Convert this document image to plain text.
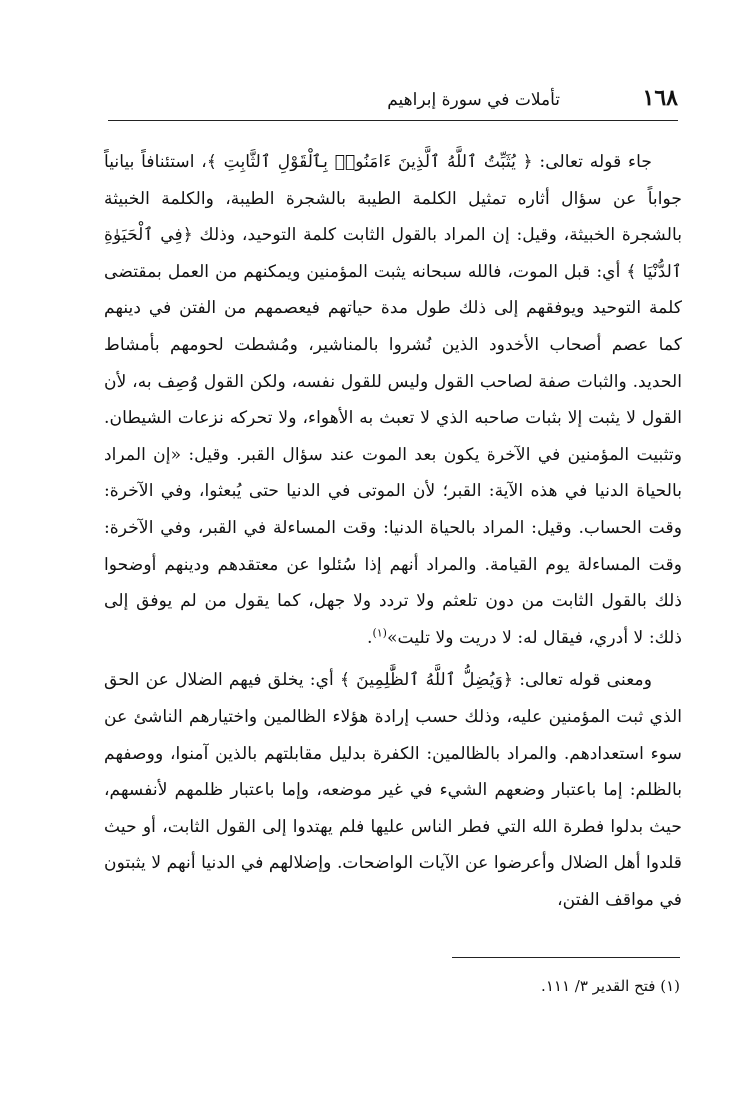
١٦٨
تأملات في سورة إبراهيم

جاء قوله تعالى: ﴿ يُثَبِّتُ ٱللَّهُ ٱلَّذِينَ ءَامَنُوا۟ بِٱلْقَوْلِ ٱلثَّابِتِ ﴾، استئنافاً بيانياً جواباً عن سؤال أثاره تمثيل الكلمة الطيبة بالشجرة الطيبة، والكلمة الخبيثة بالشجرة الخبيثة، وقيل: إن المراد بالقول الثابت كلمة التوحيد، وذلك ﴿فِي ٱلْحَيَوٰةِ ٱلدُّنْيَا ﴾ أي: قبل الموت، فالله سبحانه يثبت المؤمنين ويمكنهم من العمل بمقتضى كلمة التوحيد ويوفقهم إلى ذلك طول مدة حياتهم فيعصمهم من الفتن في دينهم كما عصم أصحاب الأخدود الذين نُشروا بالمناشير، ومُشطت لحومهم بأمشاط الحديد. والثبات صفة لصاحب القول وليس للقول نفسه، ولكن القول وُصِف به، لأن القول لا يثبت إلا بثبات صاحبه الذي لا تعبث به الأهواء، ولا تحركه نزعات الشيطان. وتثبيت المؤمنين في الآخرة يكون بعد الموت عند سؤال القبر. وقيل: «إن المراد بالحياة الدنيا في هذه الآية: القبر؛ لأن الموتى في الدنيا حتى يُبعثوا، وفي الآخرة: وقت الحساب. وقيل: المراد بالحياة الدنيا: وقت المساءلة في القبر، وفي الآخرة: وقت المساءلة يوم القيامة. والمراد أنهم إذا سُئلوا عن معتقدهم ودينهم أوضحوا ذلك بالقول الثابت من دون تلعثم ولا تردد ولا جهل، كما يقول من لم يوفق إلى ذلك: لا أدري، فيقال له: لا دريت ولا تليت»$^{(١)}$.

ومعنى قوله تعالى: ﴿وَيُضِلُّ ٱللَّهُ ٱلظَّٰلِمِينَ ﴾ أي: يخلق فيهم الضلال عن الحق الذي ثبت المؤمنين عليه، وذلك حسب إرادة هؤلاء الظالمين واختيارهم الناشئ عن سوء استعدادهم. والمراد بالظالمين: الكفرة بدليل مقابلتهم بالذين آمنوا، ووصفهم بالظلم: إما باعتبار وضعهم الشيء في غير موضعه، وإما باعتبار ظلمهم لأنفسهم، حيث بدلوا فطرة الله التي فطر الناس عليها فلم يهتدوا إلى القول الثابت، أو حيث قلدوا أهل الضلال وأعرضوا عن الآيات الواضحات. وإضلالهم في الدنيا أنهم لا يثبتون في مواقف الفتن،

(١) فتح القدير ٣/ ١١١.
